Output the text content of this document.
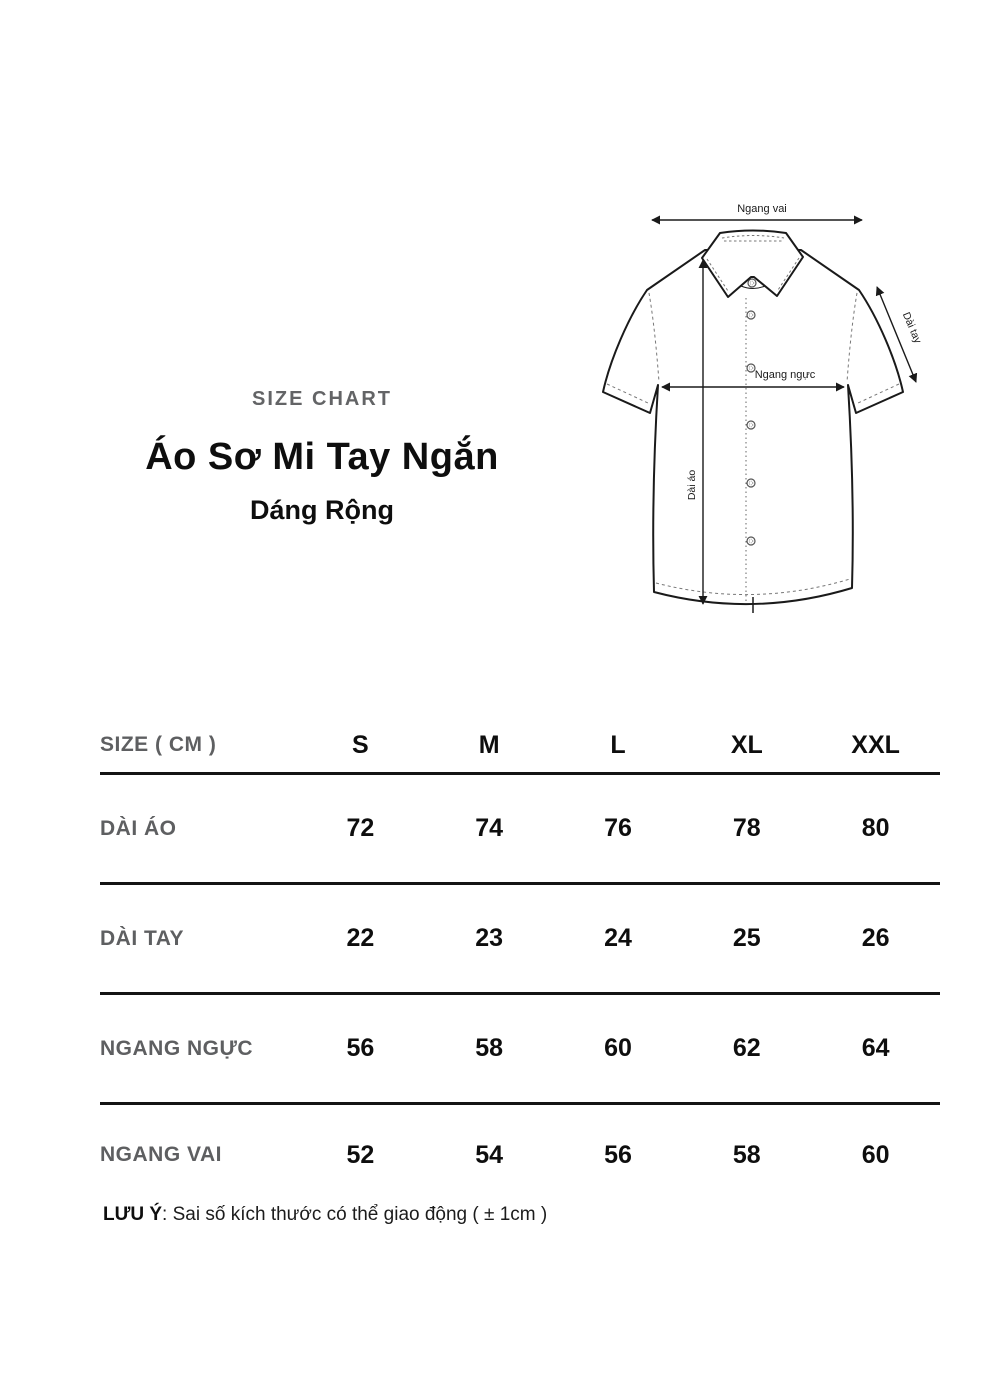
Ngang vai
Ngang ngực
Dài áo
Dài tay
SIZE CHART
Áo Sơ Mi Tay Ngắn
Dáng Rộng
SIZE ( CM )	S	M	L	XL	XXL
DÀI ÁO	72	74	76	78	80
DÀI TAY	22	23	24	25	26
NGANG NGỰC	56	58	60	62	64
NGANG VAI	52	54	56	58	60
LƯU Ý: Sai số kích thước có thể giao động ( ± 1cm )
